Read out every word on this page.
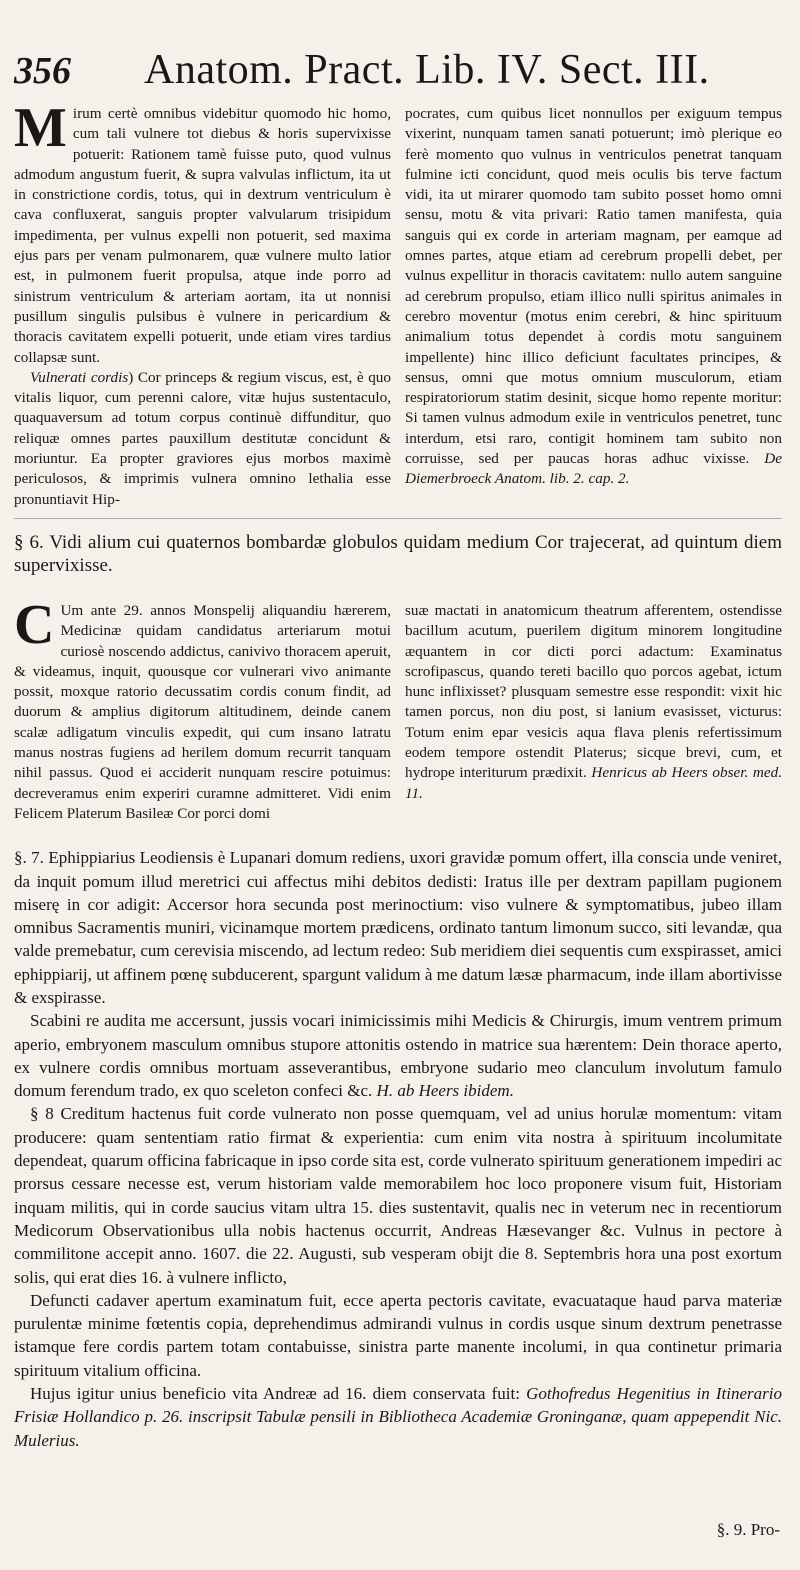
356	Anatom. Pract. Lib. IV. Sect. III.

Mirum certè omnibus videbitur quomodo hic homo, cum tali vulnere tot diebus & horis supervixisse potuerit: Rationem tamè fuisse puto, quod vulnus admodum angustum fuerit, & supra valvulas inflictum, ita ut in constrictione cordis, totus, qui in dextrum ventriculum è cava confluxerat, sanguis propter valvularum trisipidum impedimenta, per vulnus expelli non potuerit, sed maxima ejus pars per venam pulmonarem, quæ vulnere multo latior est, in pulmonem fuerit propulsa, atque inde porro ad sinistrum ventriculum & arteriam aortam, ita ut nonnisi pusillum singulis pulsibus è vulnere in pericardium & thoracis cavitatem expelli potuerit, unde etiam vires tardius collapsæ sunt.

Vulnerati cordis) Cor princeps & regium viscus, est, è quo vitalis liquor, cum perenni calore, vitæ hujus sustentaculo, quaquaversum ad totum corpus continuè diffunditur, quo reliquæ omnes partes pauxillum destitutæ concidunt & moriuntur. Ea propter graviores ejus morbos maximè periculosos, & imprimis vulnera omnino lethalia esse pronuntiavit Hip-

pocrates, cum quibus licet nonnullos per exiguum tempus vixerint, nunquam tamen sanati potuerunt; imò plerique eo ferè momento quo vulnus in ventriculos penetrat tanquam fulmine icti concidunt, quod meis oculis bis terve factum vidi, ita ut mirarer quomodo tam subito posset homo omni sensu, motu & vita privari: Ratio tamen manifesta, quia sanguis qui ex corde in arteriam magnam, per eamque ad omnes partes, atque etiam ad cerebrum propelli debet, per vulnus expellitur in thoracis cavitatem: nullo autem sanguine ad cerebrum propulso, etiam illico nulli spiritus animales in cerebro moventur (motus enim cerebri, & hinc spirituum animalium totus dependet à cordis motu sanguinem impellente) hinc illico deficiunt facultates principes, & sensus, omni que motus omnium musculorum, etiam respiratoriorum statim desinit, sicque homo repente moritur: Si tamen vulnus admodum exile in ventriculos penetret, tunc interdum, etsi raro, contigit hominem tam subito non corruisse, sed per paucas horas adhuc vixisse. De Diemerbroeck Anatom. lib. 2. cap. 2.

§ 6. Vidi alium cui quaternos bombardæ globulos quidam medium Cor trajecerat, ad quintum diem supervixisse.

C Um ante 29. annos Monspelij aliquandiu hærerem, Medicinæ quidam candidatus arteriarum motui curiosè noscendo addictus, canivivo thoracem aperuit, & videamus, inquit, quousque cor vulnerari vivo animante possit, moxque ratorio decussatim cordis conum findit, ad duorum & amplius digitorum altitudinem, deinde canem scalæ adligatum vinculis expedit, qui cum insano latratu manus nostras fugiens ad herilem domum recurrit tanquam nihil passus. Quod ei acciderit nunquam rescire potuimus: decreveramus enim experiri curamne admitteret. Vidi enim Felicem Platerum Basileæ Cor porci domi

suæ mactati in anatomicum theatrum afferentem, ostendisse bacillum acutum, puerilem digitum minorem longitudine æquantem in cor dicti porci adactum: Examinatus scrofipascus, quando tereti bacillo quo porcos agebat, ictum hunc inflixisset? plusquam semestre esse respondit: vixit hic tamen porcus, non diu post, si lanium evasisset, victurus: Totum enim epar vesicis aqua flava plenis refertissimum eodem tempore ostendit Platerus; sicque brevi, cum, et hydrope interiturum prædixit. Henricus ab Heers obser. med. 11.

§. 7. Ephippiarius Leodiensis è Lupanari domum rediens, uxori gravidæ pomum offert, illa conscia unde veniret, da inquit pomum illud meretrici cui affectus mihi debitos dedisti: Iratus ille per dextram papillam pugionem miserę in cor adigit: Accersor hora secunda post merinoctium: viso vulnere & symptomatibus, jubeo illam omnibus Sacramentis muniri, vicinamque mortem prædicens, ordinato tantum limonum succo, siti levandæ, qua valde premebatur, cum cerevisia miscendo, ad lectum redeo: Sub meridiem diei sequentis cum exspirasset, amici ephippiarij, ut affinem pœnę subducerent, spargunt validum à me datum læsæ pharmacum, inde illam abortivisse & exspirasse.

Scabini re audita me accersunt, jussis vocari inimicissimis mihi Medicis & Chirurgis, imum ventrem primum aperio, embryonem masculum omnibus stupore attonitis ostendo in matrice sua hærentem: Dein thorace aperto, ex vulnere cordis omnibus mortuam asseverantibus, embryone sudario meo clanculum involutum famulo domum ferendum trado, ex quo sceleton confeci &c. H. ab Heers ibidem.

§ 8 Creditum hactenus fuit corde vulnerato non posse quemquam, vel ad unius horulæ momentum: vitam producere: quam sententiam ratio firmat & experientia: cum enim vita nostra à spirituum incolumitate dependeat, quarum officina fabricaque in ipso corde sita est, corde vulnerato spirituum generationem impediri ac prorsus cessare necesse est, verum historiam valde memorabilem hoc loco proponere visum fuit, Historiam inquam militis, qui in corde saucius vitam ultra 15. dies sustentavit, qualis nec in veterum nec in recentiorum Medicorum Observationibus ulla nobis hactenus occurrit, Andreas Hæsevanger &c. Vulnus in pectore à commilitone accepit anno. 1607. die 22. Augusti, sub vesperam obijt die 8. Septembris hora una post exortum solis, qui erat dies 16. à vulnere inflicto,

Defuncti cadaver apertum examinatum fuit, ecce aperta pectoris cavitate, evacuataque haud parva materiæ purulentæ minime fœtentis copia, deprehendimus admirandi vulnus in cordis usque sinum dextrum penetrasse istamque fere cordis partem totam contabuisse, sinistra parte manente incolumi, in qua continetur primaria spirituum vitalium officina.

Hujus igitur unius beneficio vita Andreæ ad 16. diem conservata fuit: Gothofredus Hegenitius in Itinerario Frisiæ Hollandico p. 26. inscripsit Tabulæ pensili in Bibliotheca Academiæ Groninganæ, quam appependit Nic. Mulerius.

§. 9. Pro-
